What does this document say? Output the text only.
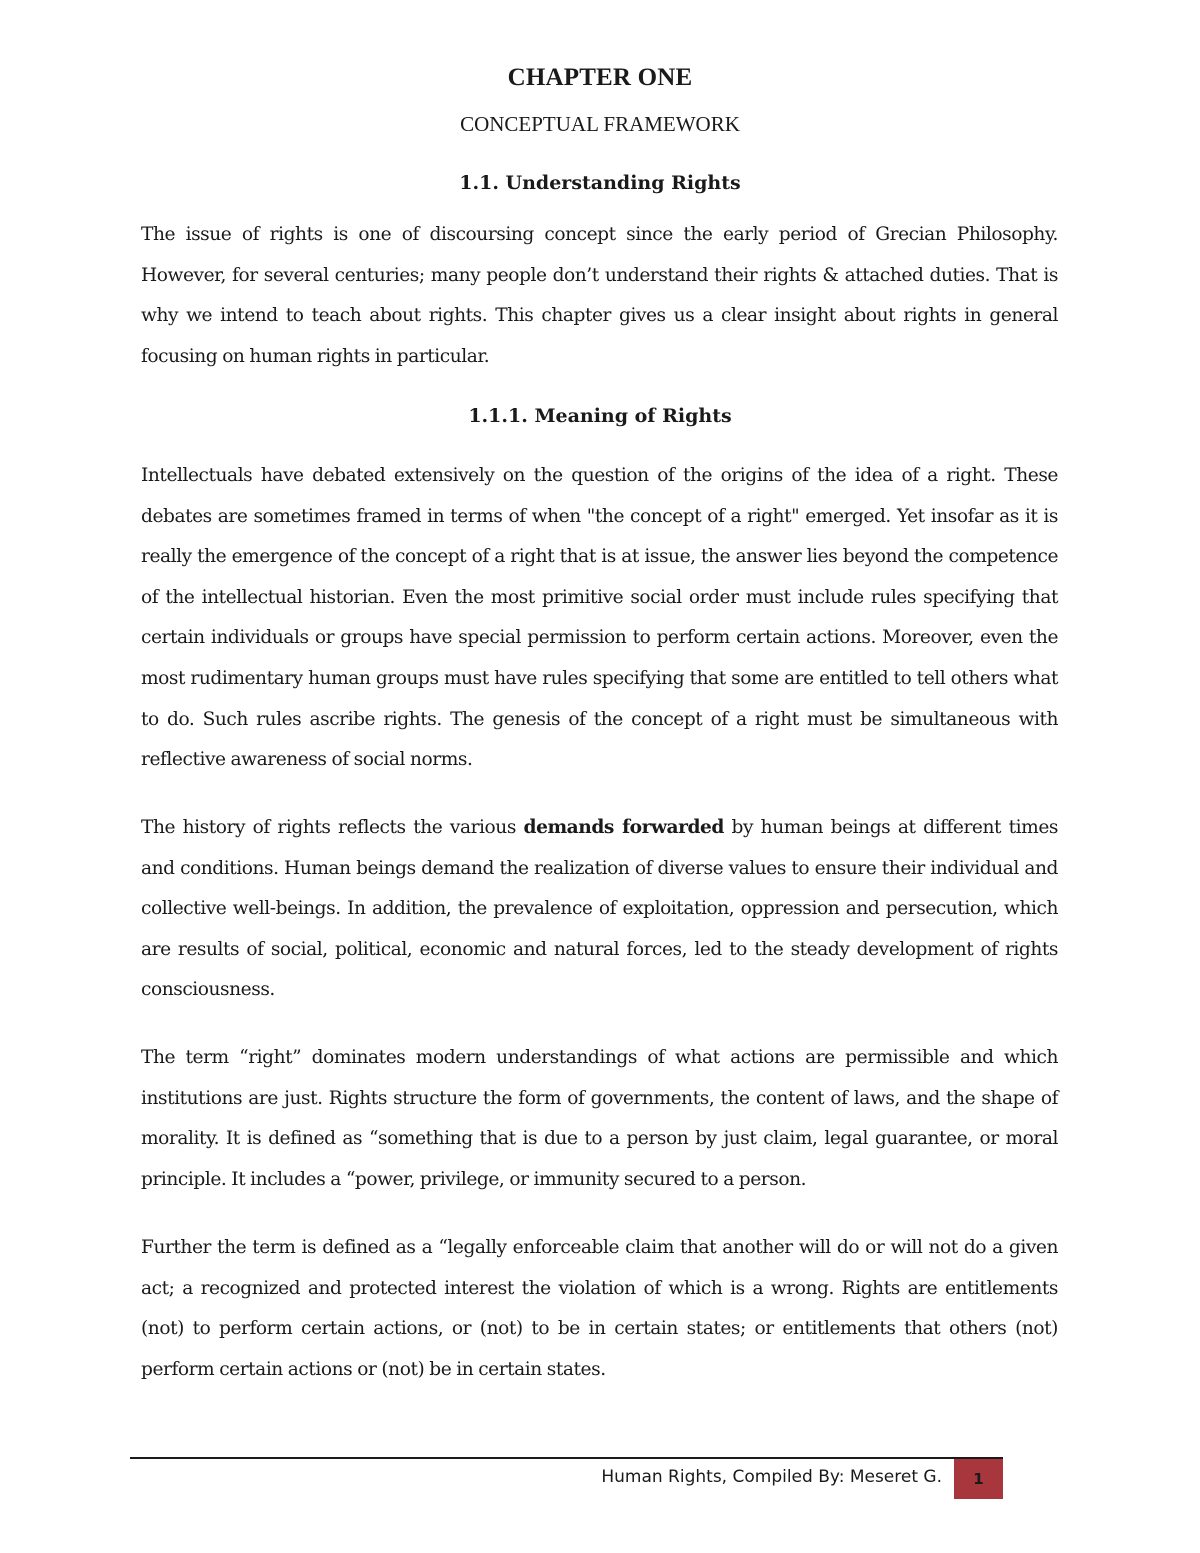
CHAPTER ONE
CONCEPTUAL FRAMEWORK
1.1. Understanding Rights

The issue of rights is one of discoursing concept since the early period of Grecian Philosophy. However, for several centuries; many people don’t understand their rights & attached duties. That is why we intend to teach about rights. This chapter gives us a clear insight about rights in general focusing on human rights in particular.

1.1.1. Meaning of Rights

Intellectuals have debated extensively on the question of the origins of the idea of a right. These debates are sometimes framed in terms of when "the concept of a right" emerged. Yet insofar as it is really the emergence of the concept of a right that is at issue, the answer lies beyond the competence of the intellectual historian. Even the most primitive social order must include rules specifying that certain individuals or groups have special permission to perform certain actions. Moreover, even the most rudimentary human groups must have rules specifying that some are entitled to tell others what to do. Such rules ascribe rights. The genesis of the concept of a right must be simultaneous with reflective awareness of social norms.

The history of rights reflects the various demands forwarded by human beings at different times and conditions. Human beings demand the realization of diverse values to ensure their individual and collective well-beings. In addition, the prevalence of exploitation, oppression and persecution, which are results of social, political, economic and natural forces, led to the steady development of rights consciousness.

The term “right” dominates modern understandings of what actions are permissible and which institutions are just. Rights structure the form of governments, the content of laws, and the shape of morality. It is defined as “something that is due to a person by just claim, legal guarantee, or moral principle. It includes a “power, privilege, or immunity secured to a person.

Further the term is defined as a “legally enforceable claim that another will do or will not do a given act; a recognized and protected interest the violation of which is a wrong. Rights are entitlements (not) to perform certain actions, or (not) to be in certain states; or entitlements that others (not) perform certain actions or (not) be in certain states.

Human Rights, Compiled By: Meseret G. 1
